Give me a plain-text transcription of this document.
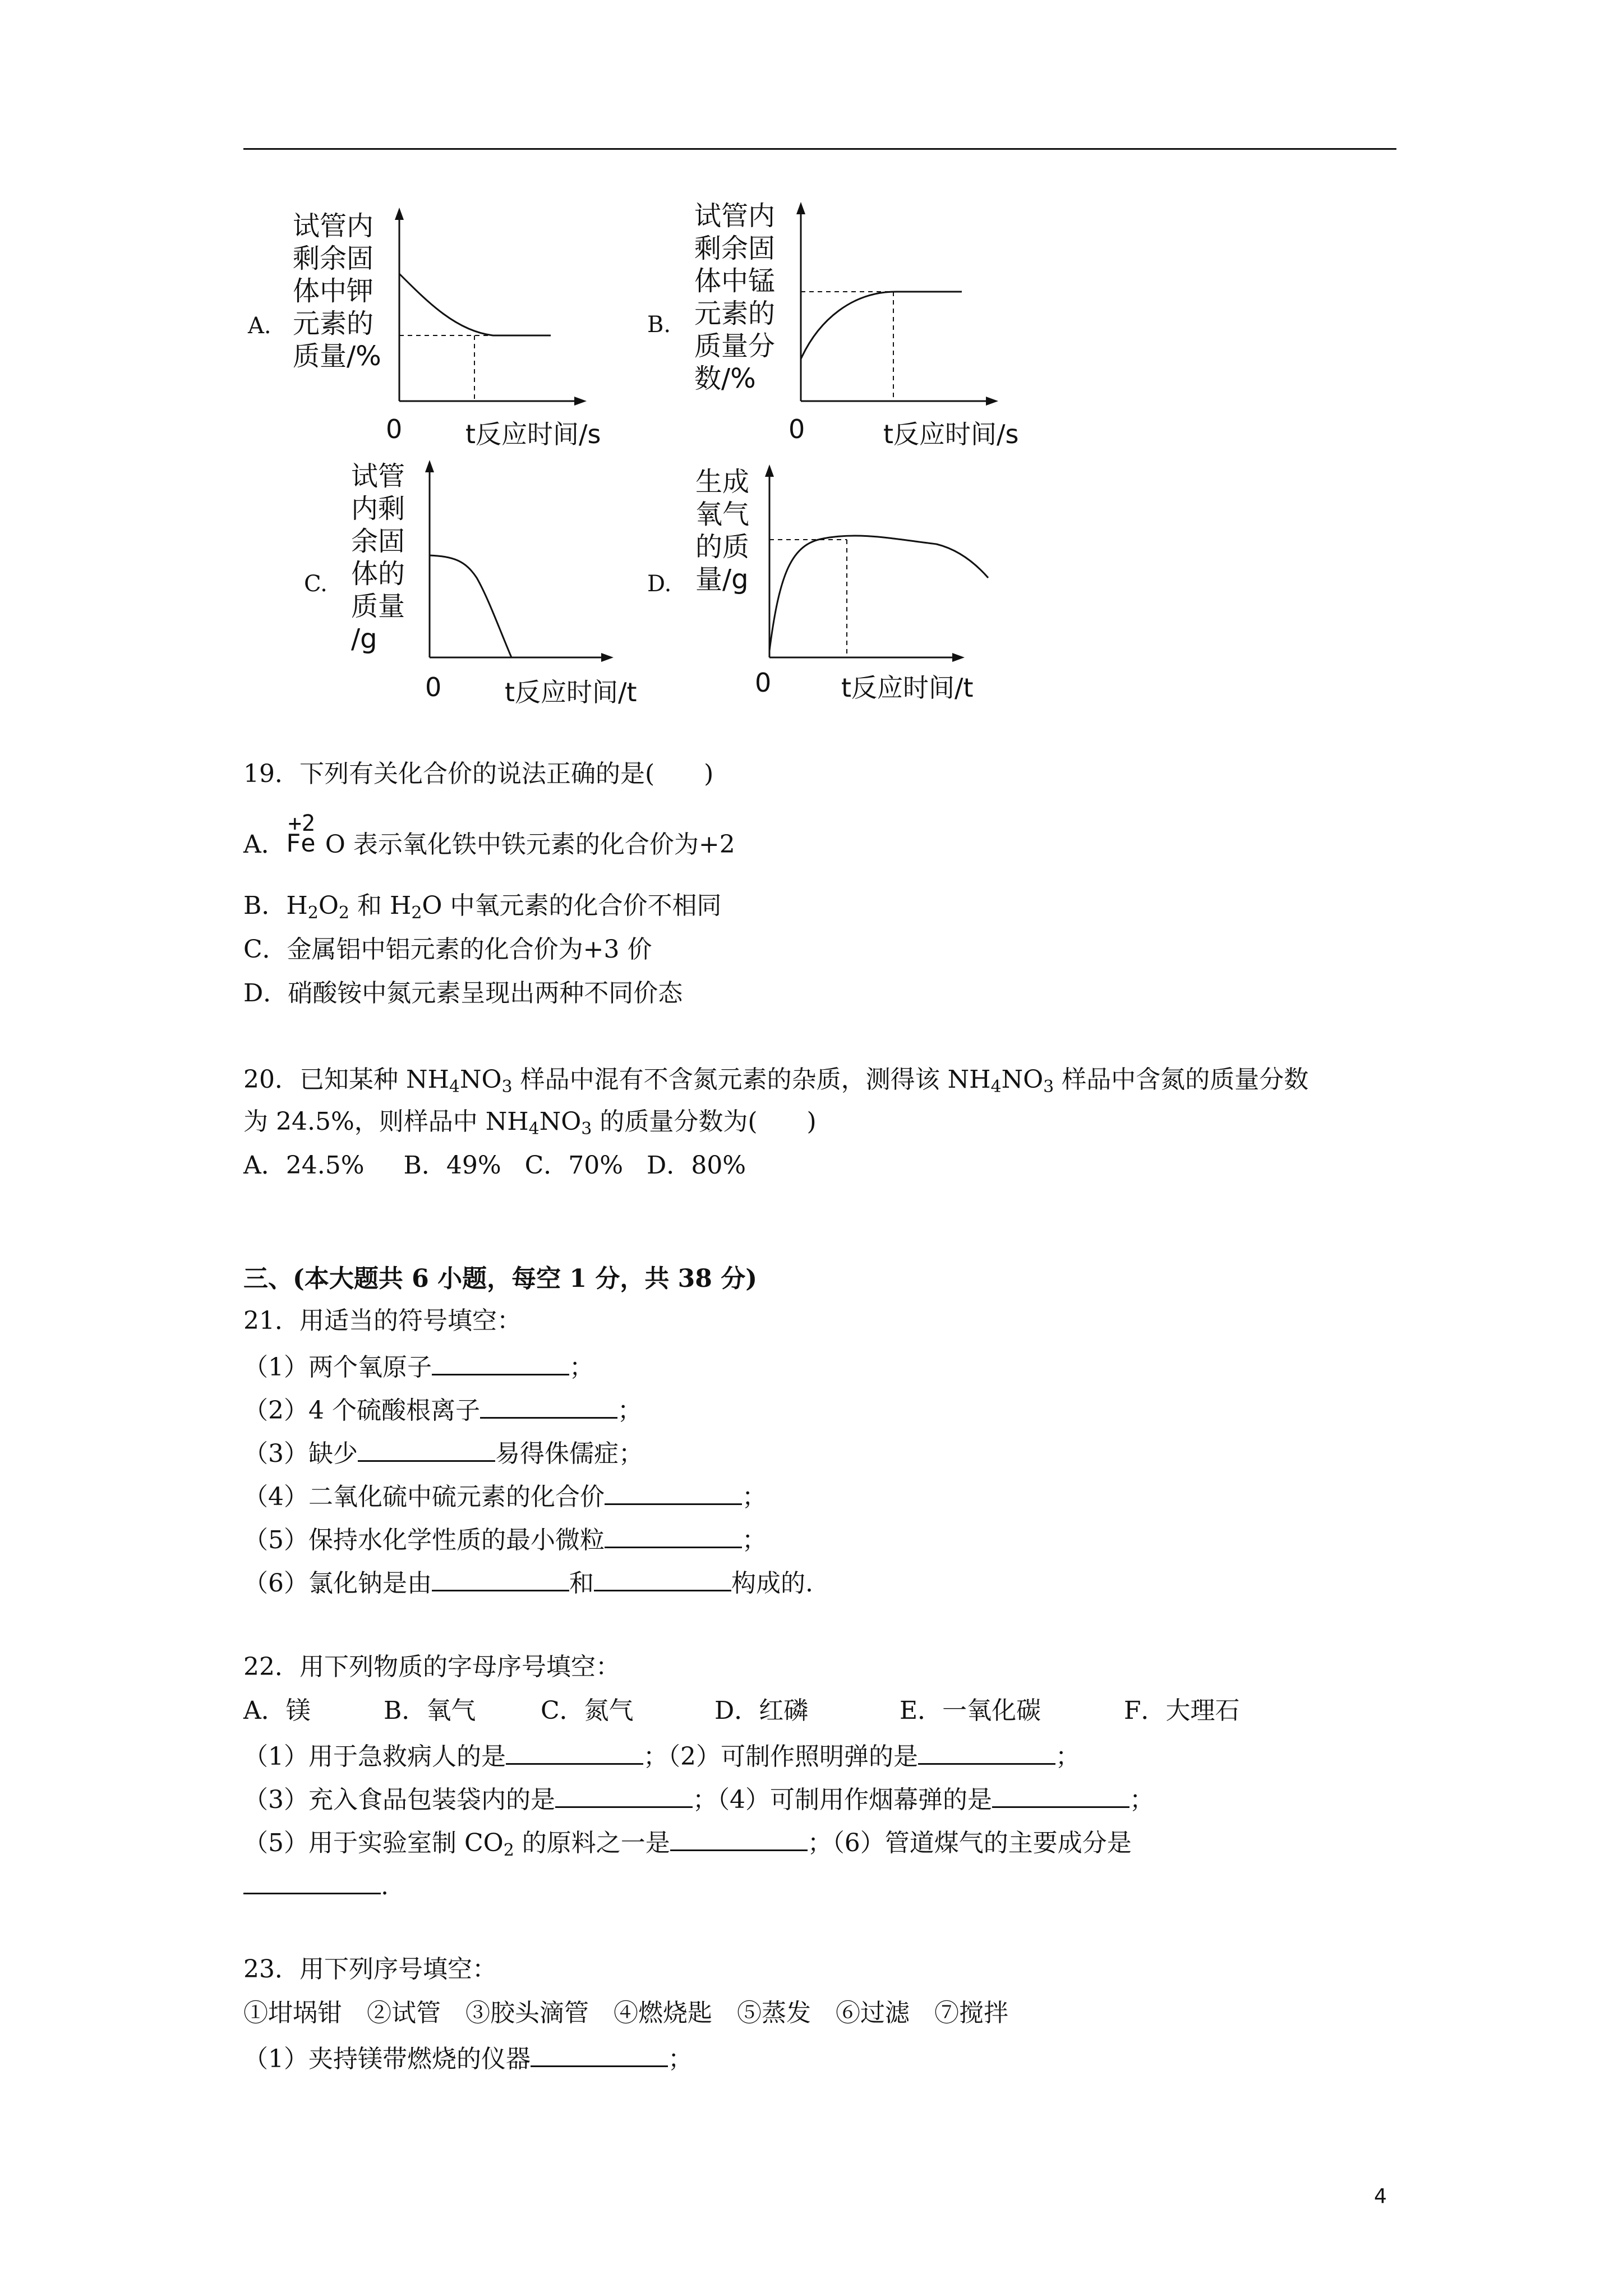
A.
试管内
剩余固
体中钾
元素的
质量/%
0 t反应时间/s
B.
试管内
剩余固
体中锰
元素的
质量分
数/%
0	t反应时间/s
C.
试管
内剩
余固
体的
质量
/g
0 t反应时间/t
D.
生成
氧气
的质
量/g
0	t反应时间/t
19．下列有关化合价的说法正确的是(　　)
A．
+2
Fe O 表示氧化铁中铁元素的化合价为+2
B．$H_2O_2$ 和 $H_2O$ 中氧元素的化合价不相同
C．金属铝中铝元素的化合价为+3 价
D．硝酸铵中氮元素呈现出两种不同价态
20．已知某种 $NH_4NO_3$ 样品中混有不含氮元素的杂质，测得该 $NH_4NO_3$ 样品中含氮的质量分数
为 24.5%，则样品中 $NH_4NO_3$ 的质量分数为(　　)
A．24.5% B．49% C．70% D．80%
三、(本大题共 6 小题，每空 1 分，共 38 分)
21．用适当的符号填空：
（1）两个氧原子	；
（2）4 个硫酸根离子	；
（3）缺少	易得侏儒症；
（4）二氧化硫中硫元素的化合价	；
（5）保持水化学性质的最小微粒	；
（6）氯化钠是由	和	构成的.
22．用下列物质的字母序号填空：
A．镁	B．氧气	C．氮气	D．红磷	E．一氧化碳	F．大理石
（1）用于急救病人的是	；（2）可制作照明弹的是	；
（3）充入食品包装袋内的是	；（4）可制用作烟幕弹的是	；
（5）用于实验室制 $CO_2$ 的原料之一是	；（6）管道煤气的主要成分是
.
23．用下列序号填空：
①坩埚钳　②试管　③胶头滴管　④燃烧匙　⑤蒸发　⑥过滤　⑦搅拌
（1）夹持镁带燃烧的仪器	；
4
